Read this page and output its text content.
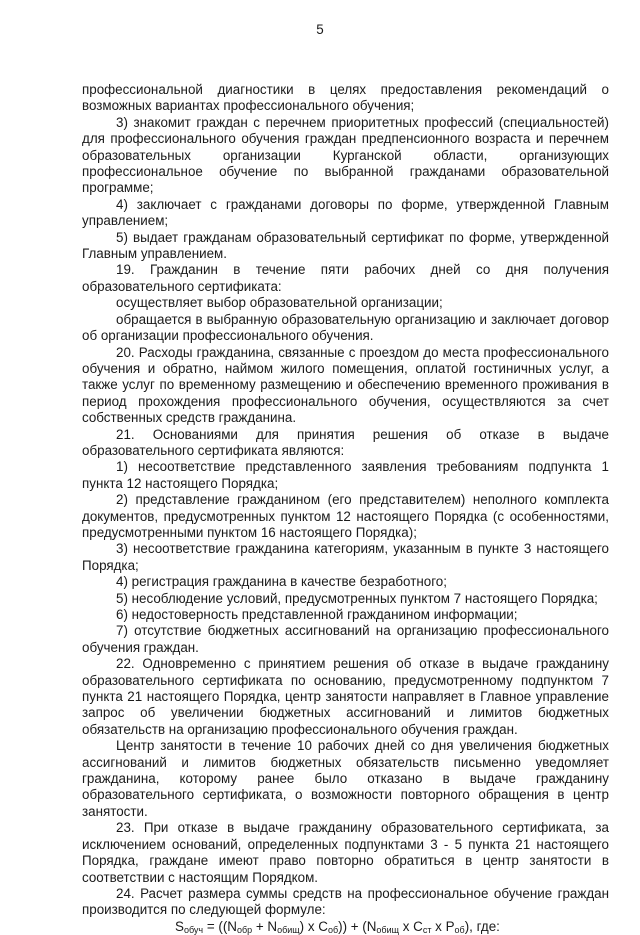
5

профессиональной диагностики в целях предоставления рекомендаций о возможных вариантах профессионального обучения;

3) знакомит граждан с перечнем приоритетных профессий (специальностей) для профессионального обучения граждан предпенсионного возраста и перечнем образовательных организации Курганской области, организующих профессиональное обучение по выбранной гражданами образовательной программе;

4) заключает с гражданами договоры по форме, утвержденной Главным управлением;

5) выдает гражданам образовательный сертификат по форме, утвержденной Главным управлением.

19. Гражданин в течение пяти рабочих дней со дня получения образовательного сертификата:

осуществляет выбор образовательной организации;

обращается в выбранную образовательную организацию и заключает договор об организации профессионального обучения.

20. Расходы гражданина, связанные с проездом до места профессионального обучения и обратно, наймом жилого помещения, оплатой гостиничных услуг, а также услуг по временному размещению и обеспечению временного проживания в период прохождения профессионального обучения, осуществляются за счет собственных средств гражданина.

21. Основаниями для принятия решения об отказе в выдаче образовательного сертификата являются:

1) несоответствие представленного заявления требованиям подпункта 1 пункта 12 настоящего Порядка;

2) представление гражданином (его представителем) неполного комплекта документов, предусмотренных пунктом 12 настоящего Порядка (с особенностями, предусмотренными пунктом 16 настоящего Порядка);

3) несоответствие гражданина категориям, указанным в пункте 3 настоящего Порядка;

4) регистрация гражданина в качестве безработного;

5) несоблюдение условий, предусмотренных пунктом 7 настоящего Порядка;

6) недостоверность представленной гражданином информации;

7) отсутствие бюджетных ассигнований на организацию профессионального обучения граждан.

22. Одновременно с принятием решения об отказе в выдаче гражданину образовательного сертификата по основанию, предусмотренному подпунктом 7 пункта 21 настоящего Порядка, центр занятости направляет в Главное управление запрос об увеличении бюджетных ассигнований и лимитов бюджетных обязательств на организацию профессионального обучения граждан.

Центр занятости в течение 10 рабочих дней со дня увеличения бюджетных ассигнований и лимитов бюджетных обязательств письменно уведомляет гражданина, которому ранее было отказано в выдаче гражданину образовательного сертификата, о возможности повторного обращения в центр занятости.

23. При отказе в выдаче гражданину образовательного сертификата, за исключением оснований, определенных подпунктами 3 - 5 пункта 21 настоящего Порядка, граждане имеют право повторно обратиться в центр занятости в соответствии с настоящим Порядком.

24. Расчет размера суммы средств на профессиональное обучение граждан производится по следующей формуле:

$S_{обуч} = ((N_{обр} + N_{обищ})$ x $C_{об})) + (N_{обищ}$ x $C_{ст}$ x $P_{об}$), где:
